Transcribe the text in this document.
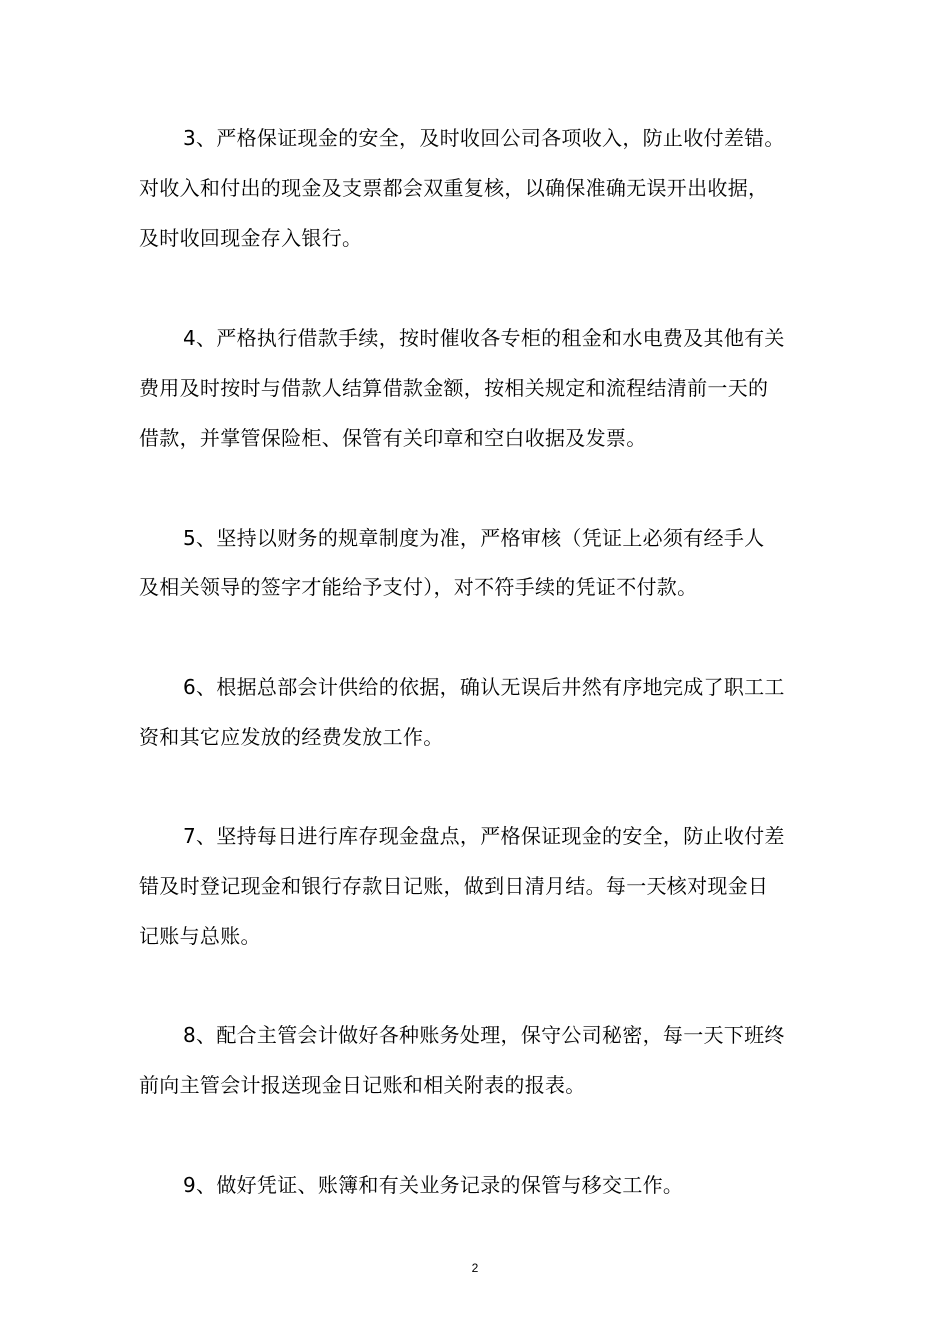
3、严格保证现金的安全，及时收回公司各项收入，防止收付差错。
对收入和付出的现金及支票都会双重复核，以确保准确无误开出收据，
及时收回现金存入银行。
4、严格执行借款手续，按时催收各专柜的租金和水电费及其他有关
费用及时按时与借款人结算借款金额，按相关规定和流程结清前一天的
借款，并掌管保险柜、保管有关印章和空白收据及发票。
5、坚持以财务的规章制度为准，严格审核（凭证上必须有经手人
及相关领导的签字才能给予支付），对不符手续的凭证不付款。
6、根据总部会计供给的依据，确认无误后井然有序地完成了职工工
资和其它应发放的经费发放工作。
7、坚持每日进行库存现金盘点，严格保证现金的安全，防止收付差
错及时登记现金和银行存款日记账，做到日清月结。每一天核对现金日
记账与总账。
8、配合主管会计做好各种账务处理，保守公司秘密，每一天下班终
前向主管会计报送现金日记账和相关附表的报表。
9、做好凭证、账簿和有关业务记录的保管与移交工作。
2
